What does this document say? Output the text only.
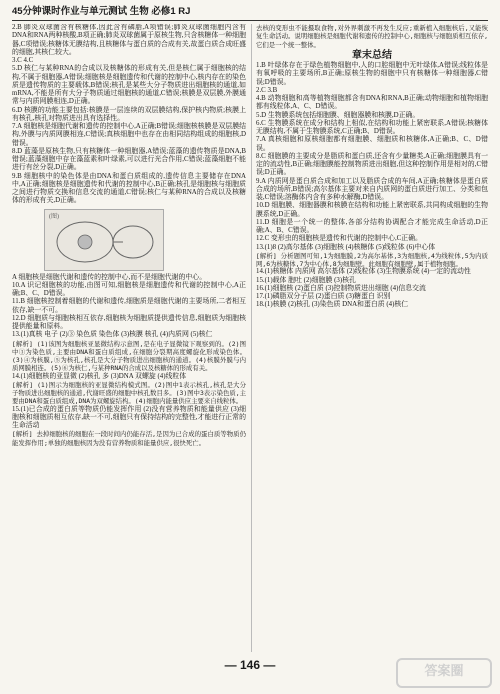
45分钟课时作业与单元测试 生物 必修1 RJ

2.B 肺炎双球菌含有核糖体,因此含有磷脂,A项错误;肺炎双球菌细胞内含有DNA和RNA两种核酸,B项正确;肺炎双球菌属于原核生物,只含核糖体一种细胞器,C项错误;核糖体无膜结构,且核糖体与蛋白质的合成有关,故蛋白质合成旺盛的细胞,其核仁较大。

3.C 4.C

5.D 核仁与某种RNA的合成以及核糖体的形成有关,但是核仁属于细胞核的结构,不属于细胞器,A错误;细胞核是细胞遗传和代谢的控制中心,核内存在的染色质是遗传物质的主要载体,B错误;核孔是某些大分子物质进出细胞核的通道,如mRNA,不能是所有大分子物质通过细胞核的通道,C错误;核膜是双层膜,外膜通常与内质网膜相连,D正确。

6.D 核膜的功能主要包括:核膜是一层连续的双层膜结构,保护核内物质;核膜上有核孔,核孔对物质进出具有选择性。

7.A 细胞核是细胞代谢和遗传的控制中心,A正确;B错误;细胞核核膜是双层膜结构,外膜与内质网膜相连,C错误;真核细胞中也存在由相同结构组成的细胞核,D错误。

8.D 蓝藻是原核生物,只有核糖体一种细胞器,A错误;蓝藻的遗传物质是DNA,B错误;蓝藻细胞中存在藻蓝素和叶绿素,可以进行光合作用,C错误;蓝藻细胞不能进行有丝分裂,D正确。

9.B 细胞核中的染色体是由DNA和蛋白质组成的,遗传信息主要储存在DNA中,A正确;细胞核是细胞遗传和代谢的控制中心,B正确;核孔是细胞核与细胞质之间进行物质交换和信息交流的通道,C错误;核仁与某种RNA的合成以及核糖体的形成有关,D正确。

(图)

A 细胞核是细胞代谢和遗传的控制中心,而不是细胞代谢的中心。

10.A 识记细胞核的功能,由图可知,细胞核是细胞遗传和代谢的控制中心,A正确;B、C、D错误。

11.B 细胞核控制着细胞的代谢和遗传,细胞质是细胞代谢的主要场所,二者相互依存,缺一不可。

12.D 细胞质与细胞核相互依存,细胞核为细胞质提供遗传信息,细胞质为细胞核提供能量和原料。

13.(1)真核 电子 (2)③ 染色质 染色体 (3)核膜 核孔 (4)内质网 (5)核仁

[解析] (1)该图为细胞核亚显微结构示意图,是在电子显微镜下观察到的。(2)图中③为染色质,主要由DNA和蛋白质组成,在细胞分裂期高度螺旋化形成染色体。(3)④为核膜,⑤为核孔,核孔是大分子物质进出细胞核的通道。(4)核膜外膜与内质网膜相连。(5)⑥为核仁,与某种RNA的合成以及核糖体的形成有关。

14.(1)细胞核的亚显微 (2)核孔 多 (3)DNA 双螺旋 (4)线粒体

[解析] (1)图示为细胞核的亚显微结构模式图。(2)图中1表示核孔,核孔是大分子物质进出细胞核的通道,代谢旺盛的细胞中核孔数目多。(3)图中3表示染色质,主要由DNA和蛋白质组成,DNA为双螺旋结构。(4)细胞内能量供应主要来自线粒体。

15.(1)已合成的蛋白质等物质仍能发挥作用 (2)没有营养物质和能量供应 (3)细胞核和细胞质相互依存,缺一不可,细胞只有保持结构的完整性,才能进行正常的生命活动

[解析] 去掉细胞核的细胞在一段时间内仍能存活,是因为已合成的蛋白质等物质仍能发挥作用;单独的细胞核因为没有营养物质和能量供应,很快死亡。

去核的变形虫不能摄取食物,对外界刺激不再发生反应;重新植入细胞核后,又能恢复生命活动。说明细胞核是细胞代谢和遗传的控制中心,细胞核与细胞质相互依存,它们是一个统一整体。

章末总结

1.B 叶绿体存在于绿色植物细胞中,人的口腔细胞中无叶绿体,A错误;线粒体是有氧呼吸的主要场所,B正确;原核生物的细胞中只有核糖体一种细胞器,C错误;D错误。

2.C 3.B

4.B 动物细胞和高等植物细胞都含有DNA和RNA,B正确;动物细胞和植物细胞都有线粒体,A、C、D错误。

5.D 生物膜系统包括细胞膜、细胞器膜和核膜,D正确。

6.C 生物膜系统在成分和结构上相似,在结构和功能上紧密联系,A错误;核糖体无膜结构,不属于生物膜系统,C正确;B、D错误。

7.A 真核细胞和原核细胞都有细胞膜、细胞质和核糖体,A正确;B、C、D错误。

8.C 细胞膜的主要成分是脂质和蛋白质,还含有少量糖类,A正确;细胞膜具有一定的流动性,B正确;细胞膜能控制物质进出细胞,但这种控制作用是相对的,C错误;D正确。

9.A 内质网是蛋白质合成和加工以及脂质合成的车间,A正确;核糖体是蛋白质合成的场所,B错误;高尔基体主要对来自内质网的蛋白质进行加工、分类和包装,C错误;溶酶体内含有多种水解酶,D错误。

10.D 细胞膜、细胞器膜和核膜在结构和功能上紧密联系,共同构成细胞的生物膜系统,D正确。

11.D 细胞是一个统一的整体,各部分结构协调配合才能完成生命活动,D正确;A、B、C错误。

12.C 变形虫的细胞核是遗传和代谢的控制中心,C正确。

13.(1)8 (2)高尔基体 (3)细胞核 (4)核糖体 (5)线粒体 (6)中心体

[解析] 分析题图可知,1为细胞膜,2为高尔基体,3为细胞核,4为线粒体,5为内质网,6为核糖体,7为中心体,8为细胞壁。此细胞有细胞壁,属于植物细胞。

14.(1)核糖体 内质网 高尔基体 (2)线粒体 (3)生物膜系统 (4)一定的流动性

15.(1)载体 胞吐 (2)细胞膜 (3)核孔

16.(1)细胞核 (2)蛋白质 (3)控制物质进出细胞 (4)信息交流

17.(1)磷脂双分子层 (2)蛋白质 (3)糖蛋白 识别

18.(1)核膜 (2)核孔 (3)染色质 DNA和蛋白质 (4)核仁

— 146 —	答案圈
